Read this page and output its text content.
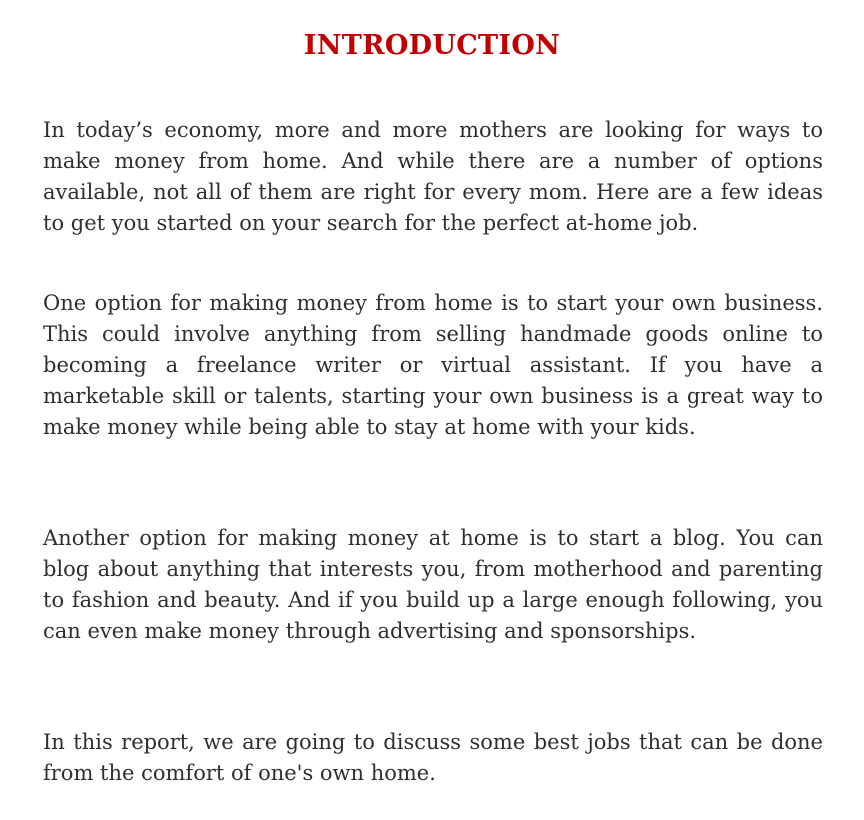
INTRODUCTION

In today’s economy, more and more mothers are looking for ways to make money from home. And while there are a number of options available, not all of them are right for every mom. Here are a few ideas to get you started on your search for the perfect at-home job.

One option for making money from home is to start your own business. This could involve anything from selling handmade goods online to becoming a freelance writer or virtual assistant. If you have a marketable skill or talents, starting your own business is a great way to make money while being able to stay at home with your kids.

Another option for making money at home is to start a blog. You can blog about anything that interests you, from motherhood and parenting to fashion and beauty. And if you build up a large enough following, you can even make money through advertising and sponsorships.

In this report, we are going to discuss some best jobs that can be done from the comfort of one's own home.
